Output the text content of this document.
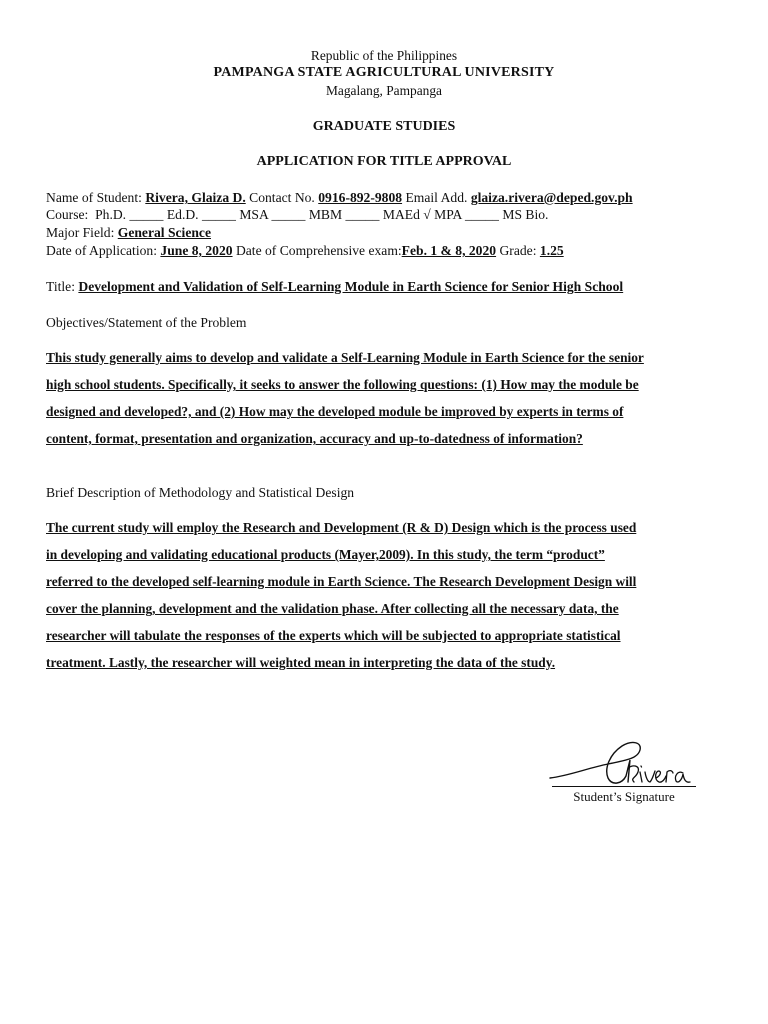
Republic of the Philippines
PAMPANGA STATE AGRICULTURAL UNIVERSITY
Magalang, Pampanga
GRADUATE STUDIES
APPLICATION FOR TITLE APPROVAL
Name of Student: Rivera, Glaiza D. Contact No. 0916-892-9808 Email Add. glaiza.rivera@deped.gov.ph
Course: Ph.D. _____ Ed.D. _____ MSA _____ MBM _____ MAEd √ MPA _____ MS Bio.
Major Field: General Science
Date of Application: June 8, 2020 Date of Comprehensive exam:Feb. 1 & 8, 2020 Grade: 1.25
Title: Development and Validation of Self-Learning Module in Earth Science for Senior High School
Objectives/Statement of the Problem
This study generally aims to develop and validate a Self-Learning Module in Earth Science for the senior
high school students. Specifically, it seeks to answer the following questions: (1) How may the module be
designed and developed?, and (2) How may the developed module be improved by experts in terms of
content, format, presentation and organization, accuracy and up-to-datedness of information?
Brief Description of Methodology and Statistical Design
The current study will employ the Research and Development (R & D) Design which is the process used
in developing and validating educational products (Mayer,2009). In this study, the term “product”
referred to the developed self-learning module in Earth Science. The Research Development Design will
cover the planning, development and the validation phase. After collecting all the necessary data, the
researcher will tabulate the responses of the experts which will be subjected to appropriate statistical
treatment. Lastly, the researcher will weighted mean in interpreting the data of the study.
Student’s Signature
